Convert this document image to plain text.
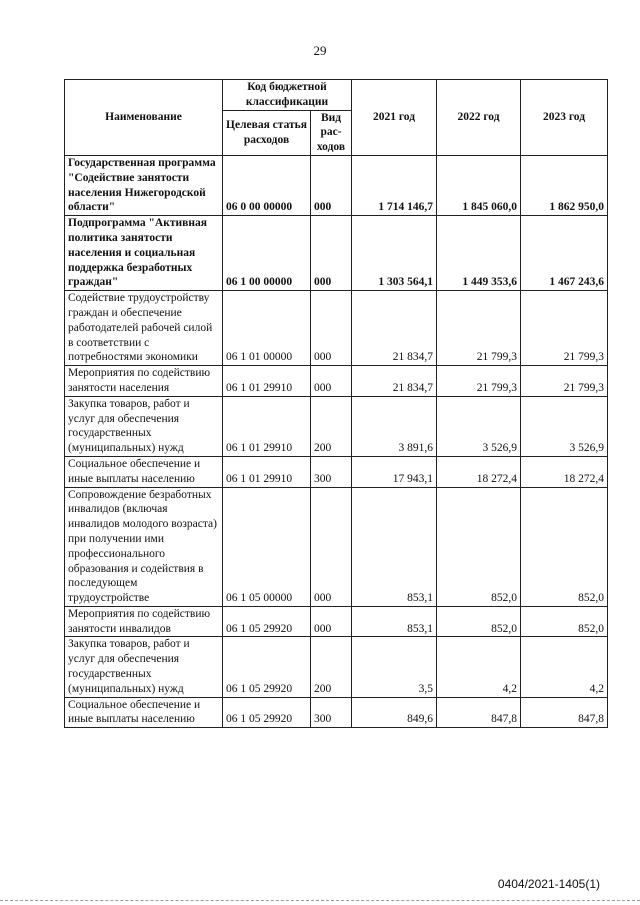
29
Наименование	Код бюджетной классификации		2021 год	2022 год	2023 год
	Целевая статья расходов	Вид рас-ходов			
Государственная программа "Содействие занятости населения Нижегородской области"	06 0 00 00000	000	1 714 146,7	1 845 060,0	1 862 950,0
Подпрограмма "Активная политика занятости населения и социальная поддержка безработных граждан"	06 1 00 00000	000	1 303 564,1	1 449 353,6	1 467 243,6
Содействие трудоустройству граждан и обеспечение работодателей рабочей силой в соответствии с потребностями экономики	06 1 01 00000	000	21 834,7	21 799,3	21 799,3
Мероприятия по содействию занятости населения	06 1 01 29910	000	21 834,7	21 799,3	21 799,3
Закупка товаров, работ и услуг для обеспечения государственных (муниципальных) нужд	06 1 01 29910	200	3 891,6	3 526,9	3 526,9
Социальное обеспечение и иные выплаты населению	06 1 01 29910	300	17 943,1	18 272,4	18 272,4
Сопровождение безработных инвалидов (включая инвалидов молодого возраста) при получении ими профессионального образования и содействия в последующем трудоустройстве	06 1 05 00000	000	853,1	852,0	852,0
Мероприятия по содействию занятости инвалидов	06 1 05 29920	000	853,1	852,0	852,0
Закупка товаров, работ и услуг для обеспечения государственных (муниципальных) нужд	06 1 05 29920	200	3,5	4,2	4,2
Социальное обеспечение и иные выплаты населению	06 1 05 29920	300	849,6	847,8	847,8
0404/2021-1405(1)
